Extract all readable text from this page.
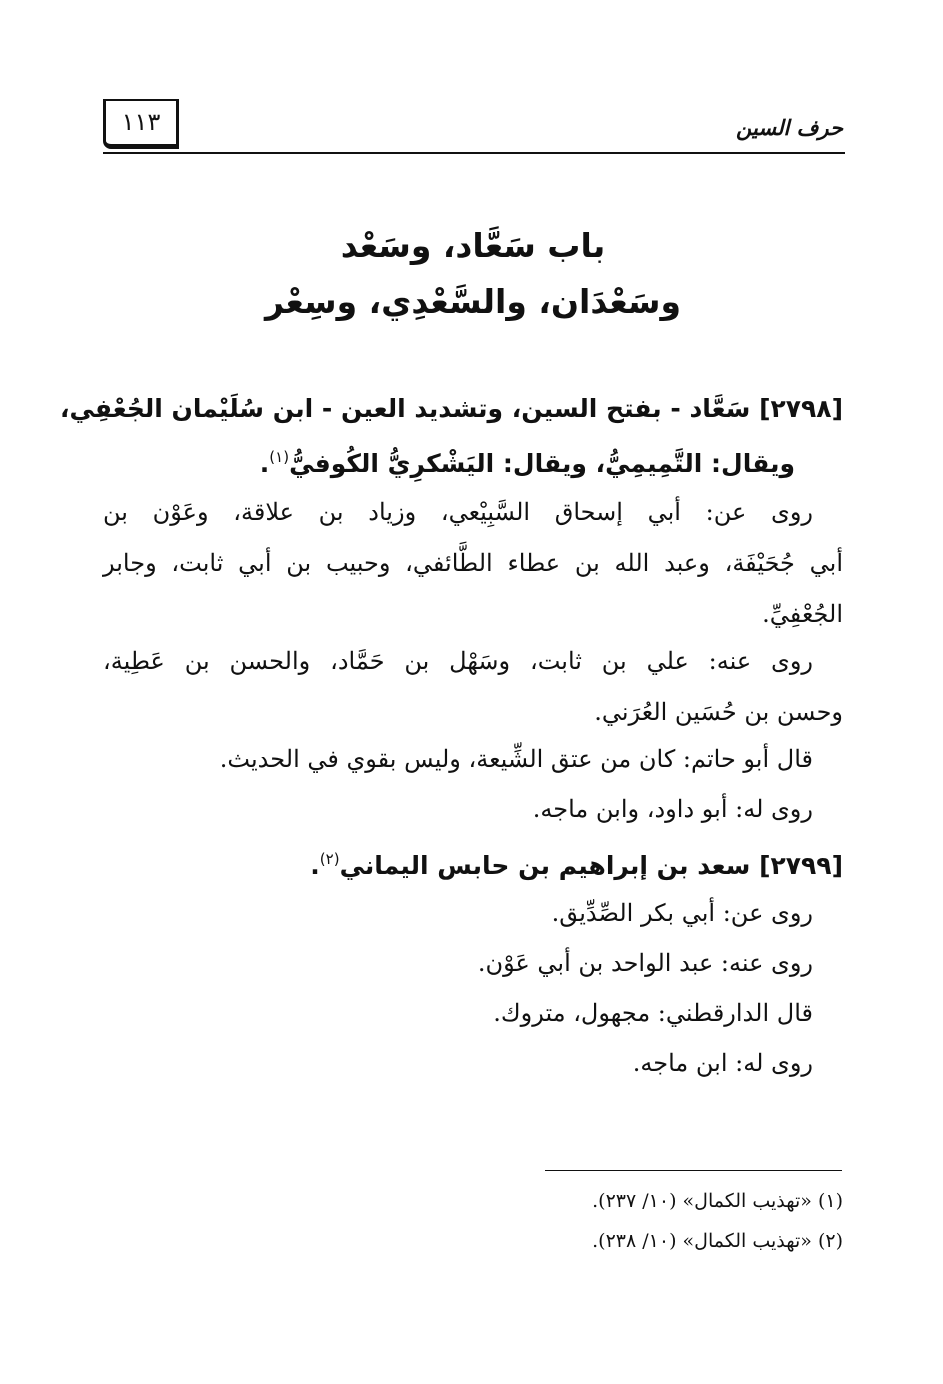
حرف السين
١١٣
باب سَعَّاد، وسَعْد
وسَعْدَان، والسَّعْدِي، وسِعْر
[٢٧٩٨] سَعَّاد - بفتح السين، وتشديد العين - ابن سُلَيْمان الجُعْفِي،
ويقال: التَّمِيمِيُّ، ويقال: اليَشْكرِيُّ الكُوفيُّ$^{(١)}$.
روى عن: أبي إسحاق السَّبِيْعي، وزياد بن علاقة، وعَوْن بن
أبي جُحَيْفَة، وعبد الله بن عطاء الطَّائفي، وحبيب بن أبي ثابت، وجابر
الجُعْفِيِّ.
روى عنه: علي بن ثابت، وسَهْل بن حَمَّاد، والحسن بن عَطِية،
وحسن بن حُسَين العُرَني.
قال أبو حاتم: كان من عتق الشِّيعة، وليس بقوي في الحديث.
روى له: أبو داود، وابن ماجه.
[٢٧٩٩] سعد بن إبراهيم بن حابس اليماني$^{(٢)}$.
روى عن: أبي بكر الصِّدِّيق.
روى عنه: عبد الواحد بن أبي عَوْن.
قال الدارقطني: مجهول، متروك.
روى له: ابن ماجه.
(١) «تهذيب الكمال» (١٠/ ٢٣٧).
(٢) «تهذيب الكمال» (١٠/ ٢٣٨).
